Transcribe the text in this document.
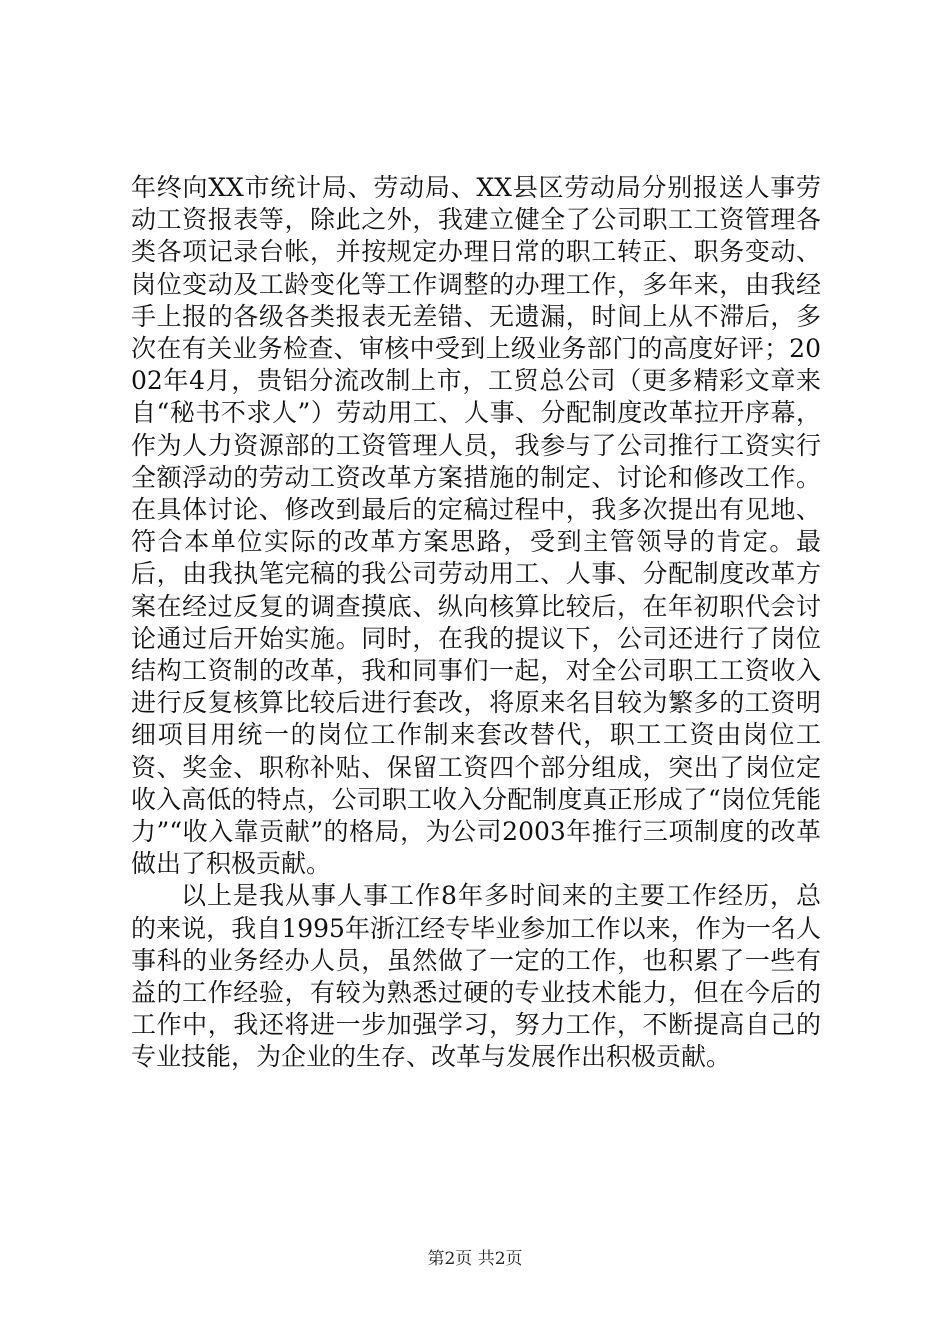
年终向XX市统计局、劳动局、XX县区劳动局分别报送人事劳动工资报表等，除此之外，我建立健全了公司职工工资管理各类各项记录台帐，并按规定办理日常的职工转正、职务变动、岗位变动及工龄变化等工作调整的办理工作，多年来，由我经手上报的各级各类报表无差错、无遗漏，时间上从不滞后，多次在有关业务检查、审核中受到上级业务部门的高度好评；2002年4月，贵铝分流改制上市，工贸总公司（更多精彩文章来自“秘书不求人”）劳动用工、人事、分配制度改革拉开序幕，作为人力资源部的工资管理人员，我参与了公司推行工资实行全额浮动的劳动工资改革方案措施的制定、讨论和修改工作。在具体讨论、修改到最后的定稿过程中，我多次提出有见地、符合本单位实际的改革方案思路，受到主管领导的肯定。最后，由我执笔完稿的我公司劳动用工、人事、分配制度改革方案在经过反复的调查摸底、纵向核算比较后，在年初职代会讨论通过后开始实施。同时，在我的提议下，公司还进行了岗位结构工资制的改革，我和同事们一起，对全公司职工工资收入进行反复核算比较后进行套改，将原来名目较为繁多的工资明细项目用统一的岗位工作制来套改替代，职工工资由岗位工资、奖金、职称补贴、保留工资四个部分组成，突出了岗位定收入高低的特点，公司职工收入分配制度真正形成了“岗位凭能力”“收入靠贡献”的格局，为公司2003年推行三项制度的改革做出了积极贡献。

以上是我从事人事工作8年多时间来的主要工作经历，总的来说，我自1995年浙江经专毕业参加工作以来，作为一名人事科的业务经办人员，虽然做了一定的工作，也积累了一些有益的工作经验，有较为熟悉过硬的专业技术能力，但在今后的工作中，我还将进一步加强学习，努力工作，不断提高自己的专业技能，为企业的生存、改革与发展作出积极贡献。

第2页 共2页
